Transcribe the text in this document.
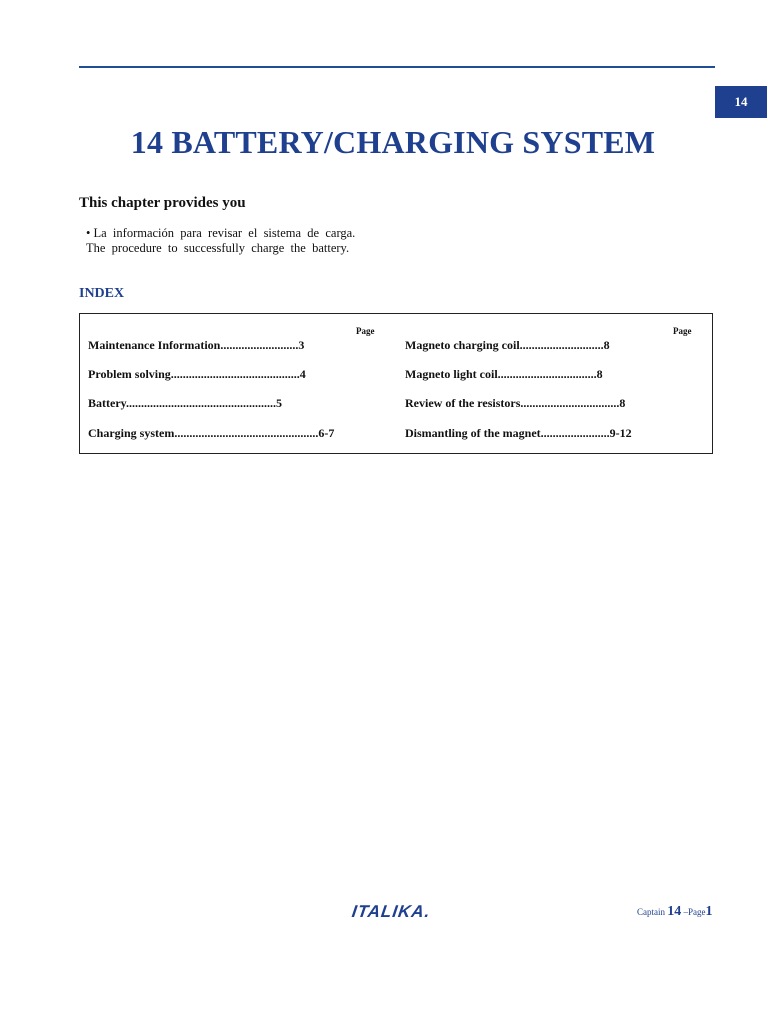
14
14 BATTERY/CHARGING SYSTEM
This chapter provides you
• La  información  para  revisar  el  sistema  de  carga.
The  procedure  to  successfully  charge  the  battery.
INDEX
Page	Page
Maintenance Information..........................3
Problem solving...........................................4
Battery..................................................5
Charging system................................................6-7
Magneto charging coil............................8
Magneto light coil.................................8
Review of the resistors.................................8
Dismantling of the magnet.......................9-12
ITALIKA.	Captain 14 –Page1
